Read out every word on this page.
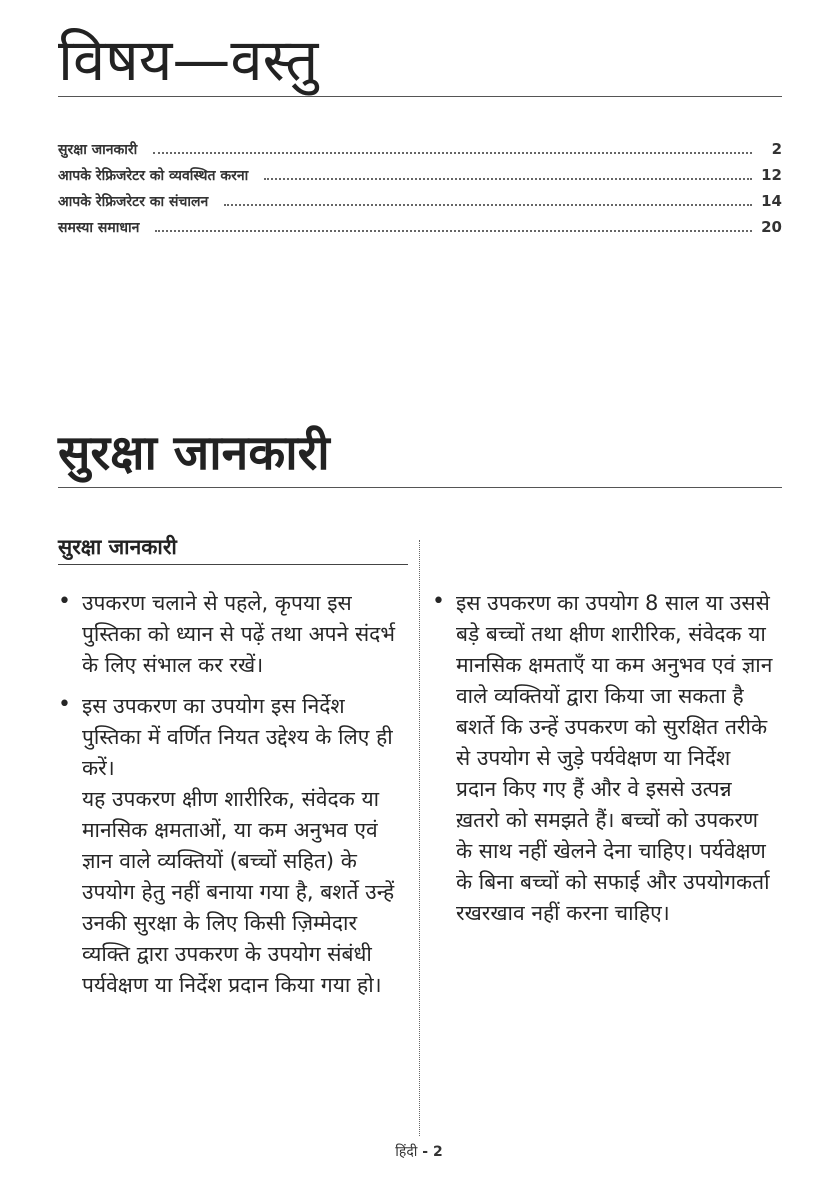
विषय—वस्तु
सुरक्षा जानकारी	2
आपके रेफ्रिजरेटर को व्यवस्थित करना	12
आपके रेफ्रिजरेटर का संचालन	14
समस्या समाधान	20
सुरक्षा जानकारी
सुरक्षा जानकारी
• उपकरण चलाने से पहले, कृपया इस पुस्तिका को ध्यान से पढ़ें तथा अपने संदर्भ के लिए संभाल कर रखें।

• इस उपकरण का उपयोग इस निर्देश पुस्तिका में वर्णित नियत उद्देश्य के लिए ही करें।

यह उपकरण क्षीण शारीरिक, संवेदक या मानसिक क्षमताओं, या कम अनुभव एवं ज्ञान वाले व्यक्तियों (बच्चों सहित) के उपयोग हेतु नहीं बनाया गया है, बशर्ते उन्हें उनकी सुरक्षा के लिए किसी ज़िम्मेदार व्यक्ति द्वारा उपकरण के उपयोग संबंधी पर्यवेक्षण या निर्देश प्रदान किया गया हो।

• इस उपकरण का उपयोग 8 साल या उससे बड़े बच्चों तथा क्षीण शारीरिक, संवेदक या मानसिक क्षमताएँ या कम अनुभव एवं ज्ञान वाले व्यक्तियों द्वारा किया जा सकता है बशर्ते कि उन्हें उपकरण को सुरक्षित तरीके से उपयोग से जुड़े पर्यवेक्षण या निर्देश प्रदान किए गए हैं और वे इससे उत्पन्न ख़तरो को समझते हैं। बच्चों को उपकरण के साथ नहीं खेलने देना चाहिए। पर्यवेक्षण के बिना बच्चों को सफाई और उपयोगकर्ता रखरखाव नहीं करना चाहिए।

हिंदी - 2
